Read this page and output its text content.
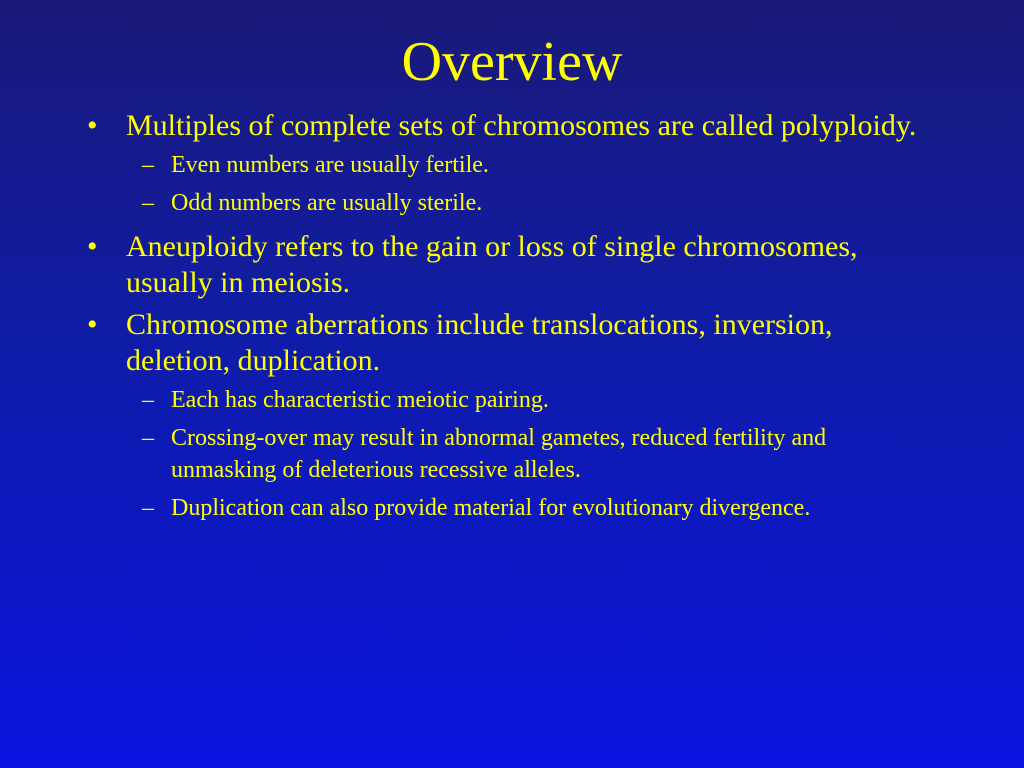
Overview
• Multiples of complete sets of chromosomes are called polyploidy.
– Even numbers are usually fertile.
– Odd numbers are usually sterile.
• Aneuploidy refers to the gain or loss of single chromosomes, usually in meiosis.
• Chromosome aberrations include translocations, inversion, deletion, duplication.
– Each has characteristic meiotic pairing.
– Crossing-over may result in abnormal gametes, reduced fertility and unmasking of deleterious recessive alleles.
– Duplication can also provide material for evolutionary divergence.
